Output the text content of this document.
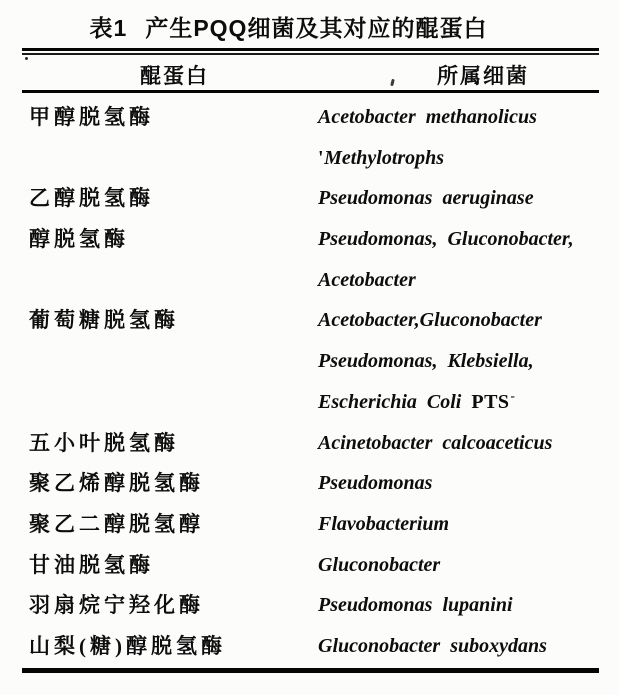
表1 产生PQQ细菌及其对应的醌蛋白
醌蛋白	所属细菌
甲醇脱氢酶	Acetobacter methanolicus
'Methylotrophs
乙醇脱氢酶	Pseudomonas aeruginase
醇脱氢酶	Pseudomonas, Gluconobacter,
Acetobacter
葡萄糖脱氢酶	Acetobacter,Gluconobacter
Pseudomonas, Klebsiella,
Escherichia Coli PTS-
五小叶脱氢酶	Acinetobacter calcoaceticus
聚乙烯醇脱氢酶	Pseudomonas
聚乙二醇脱氢醇	Flavobacterium
甘油脱氢酶	Gluconobacter
羽扇烷宁羟化酶	Pseudomonas lupanini
山梨(糖)醇脱氢酶	Gluconobacter suboxydans
